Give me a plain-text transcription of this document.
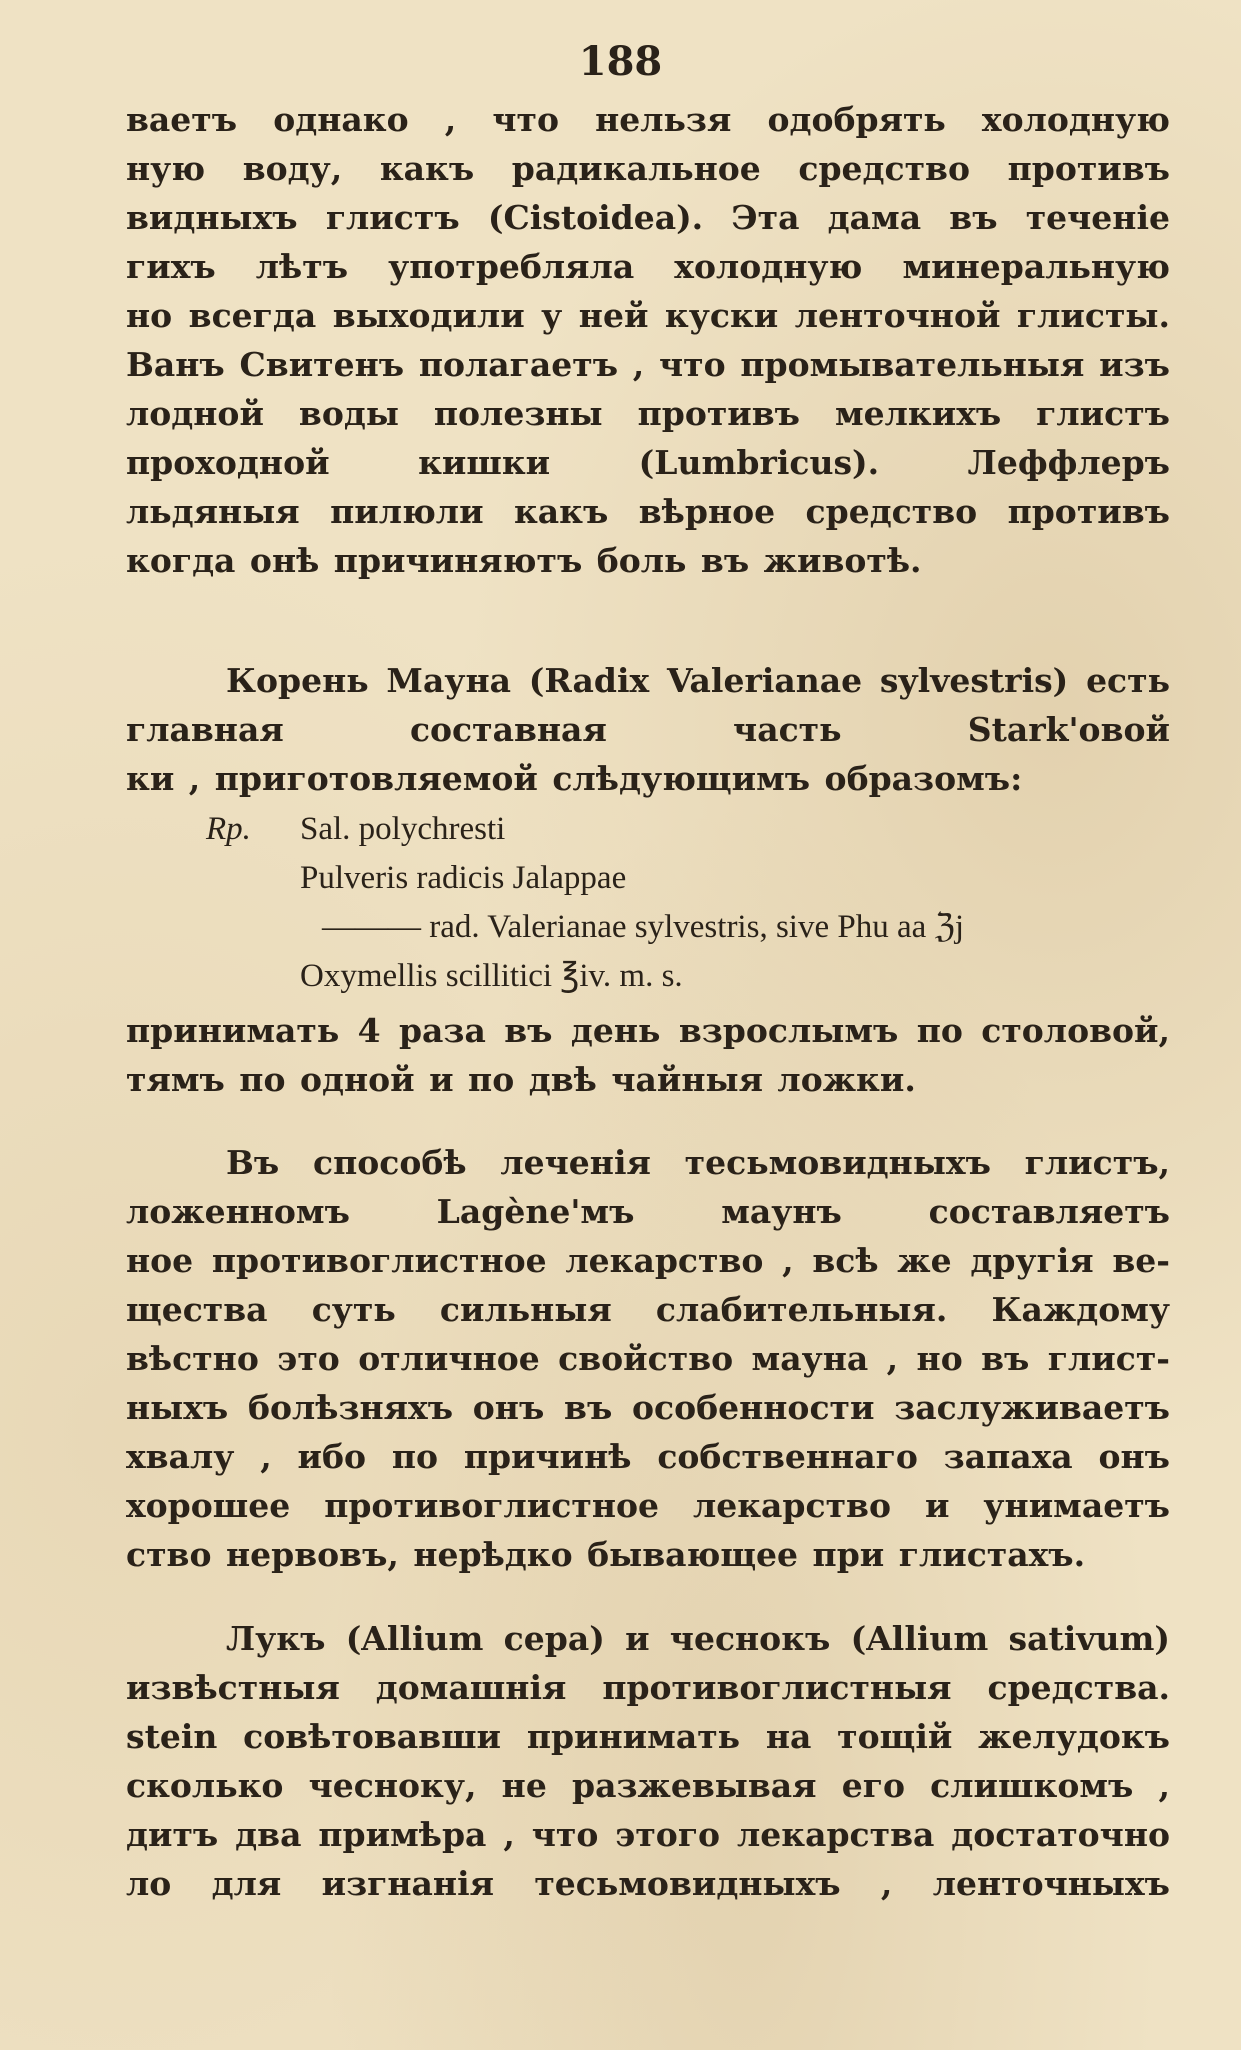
188
ваетъ однако , что нельзя одобрять холодную
ную воду, какъ радикальное средство противъ
видныхъ глистъ (Cistoidea). Эта дама въ теченіе
гихъ лѣтъ употребляла холодную минеральную
но всегда выходили у ней куски ленточной глисты.
Ванъ Свитенъ полагаетъ , что промывательныя изъ
лодной воды полезны противъ мелкихъ глистъ
проходной кишки (Lumbricus). Леффлеръ
льдяныя пилюли какъ вѣрное средство противъ
когда онѣ причиняютъ боль въ животѣ.
Корень Мауна (Radix Valerianae sylvestris) есть
главная составная часть Stark'овой
ки , приготовляемой слѣдующимъ образомъ:
Rp. Sal. polychresti
Pulveris radicis Jalappae
——— rad. Valerianae sylvestris, sive Phu aa ℨj
Oxymellis scillitici ℥iv. m. s.
принимать 4 раза въ день взрослымъ по столовой,
тямъ по одной и по двѣ чайныя ложки.
Въ способѣ леченія тесьмовидныхъ глистъ,
ложенномъ Lagène'мъ маунъ составляетъ
ное противоглистное лекарство , всѣ же другія ве-
щества суть сильныя слабительныя. Каждому
вѣстно это отличное свойство мауна , но въ глист-
ныхъ болѣзняхъ онъ въ особенности заслуживаетъ
хвалу , ибо по причинѣ собственнаго запаха онъ
хорошее противоглистное лекарство и унимаетъ
ство нервовъ, нерѣдко бывающее при глистахъ.
Лукъ (Allium cepa) и чеснокъ (Allium sativum)
извѣстныя домашнія противоглистныя средства.
stein совѣтовавши принимать на тощій желудокъ
сколько чесноку, не разжевывая его слишкомъ ,
дитъ два примѣра , что этого лекарства достаточно
ло для изгнанія тесьмовидныхъ , ленточныхъ
